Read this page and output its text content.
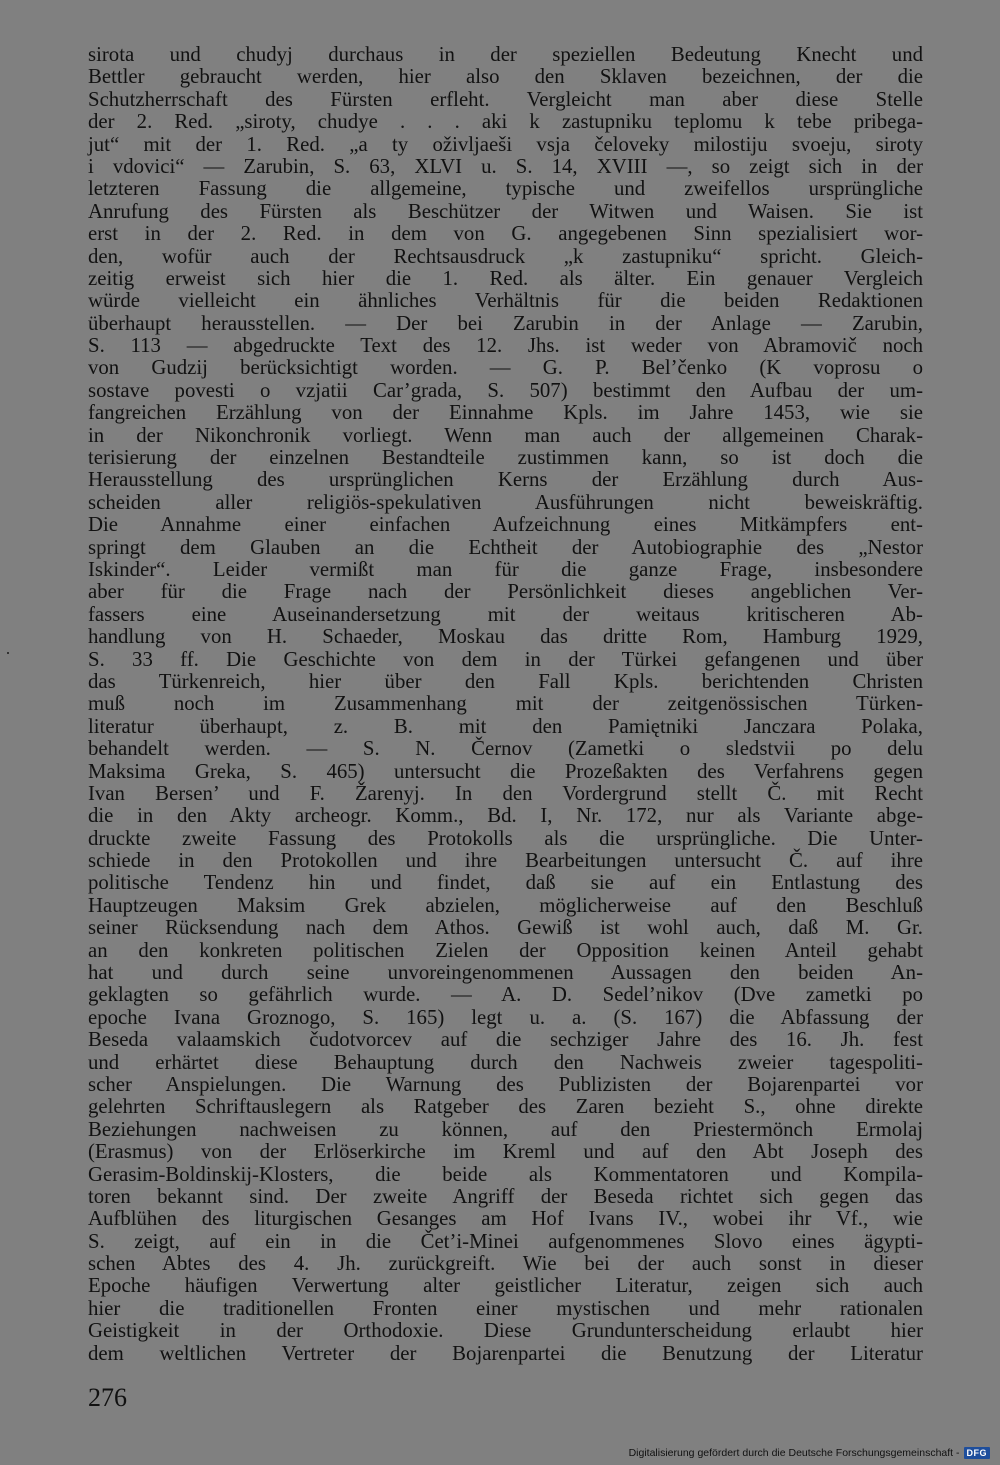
sirota und chudyj durchaus in der speziellen Bedeutung Knecht und
Bettler gebraucht werden, hier also den Sklaven bezeichnen, der die
Schutzherrschaft des Fürsten erfleht. Vergleicht man aber diese Stelle
der 2. Red. „siroty, chudye . . . aki k zastupniku teplomu k tebe pribega-
jut“ mit der 1. Red. „a ty oživljaeši vsja čeloveky milostiju svoeju, siroty
i vdovici“ — Zarubin, S. 63, XLVI u. S. 14, XVIII —, so zeigt sich in der
letzteren Fassung die allgemeine, typische und zweifellos ursprüngliche
Anrufung des Fürsten als Beschützer der Witwen und Waisen. Sie ist
erst in der 2. Red. in dem von G. angegebenen Sinn spezialisiert wor-
den, wofür auch der Rechtsausdruck „k zastupniku“ spricht. Gleich-
zeitig erweist sich hier die 1. Red. als älter. Ein genauer Vergleich
würde vielleicht ein ähnliches Verhältnis für die beiden Redaktionen
überhaupt herausstellen. — Der bei Zarubin in der Anlage — Zarubin,
S. 113 — abgedruckte Text des 12. Jhs. ist weder von Abramovič noch
von Gudzij berücksichtigt worden. — G. P. Bel’čenko (K voprosu o
sostave povesti o vzjatii Car’grada, S. 507) bestimmt den Aufbau der um-
fangreichen Erzählung von der Einnahme Kpls. im Jahre 1453, wie sie
in der Nikonchronik vorliegt. Wenn man auch der allgemeinen Charak-
terisierung der einzelnen Bestandteile zustimmen kann, so ist doch die
Herausstellung des ursprünglichen Kerns der Erzählung durch Aus-
scheiden aller religiös-spekulativen Ausführungen nicht beweiskräftig.
Die Annahme einer einfachen Aufzeichnung eines Mitkämpfers ent-
springt dem Glauben an die Echtheit der Autobiographie des „Nestor
Iskinder“. Leider vermißt man für die ganze Frage, insbesondere
aber für die Frage nach der Persönlichkeit dieses angeblichen Ver-
fassers eine Auseinandersetzung mit der weitaus kritischeren Ab-
handlung von H. Schaeder, Moskau das dritte Rom, Hamburg 1929,
S. 33 ff. Die Geschichte von dem in der Türkei gefangenen und über
das Türkenreich, hier über den Fall Kpls. berichtenden Christen
muß noch im Zusammenhang mit der zeitgenössischen Türken-
literatur überhaupt, z. B. mit den Pamiętniki Janczara Polaka,
behandelt werden. — S. N. Černov (Zametki o sledstvii po delu
Maksima Greka, S. 465) untersucht die Prozeßakten des Verfahrens gegen
Ivan Bersen’ und F. Žarenyj. In den Vordergrund stellt Č. mit Recht
die in den Akty archeogr. Komm., Bd. I, Nr. 172, nur als Variante abge-
druckte zweite Fassung des Protokolls als die ursprüngliche. Die Unter-
schiede in den Protokollen und ihre Bearbeitungen untersucht Č. auf ihre
politische Tendenz hin und findet, daß sie auf ein Entlastung des
Hauptzeugen Maksim Grek abzielen, möglicherweise auf den Beschluß
seiner Rücksendung nach dem Athos. Gewiß ist wohl auch, daß M. Gr.
an den konkreten politischen Zielen der Opposition keinen Anteil gehabt
hat und durch seine unvoreingenommenen Aussagen den beiden An-
geklagten so gefährlich wurde. — A. D. Sedel’nikov (Dve zametki po
epoche Ivana Groznogo, S. 165) legt u. a. (S. 167) die Abfassung der
Beseda valaamskich čudotvorcev auf die sechziger Jahre des 16. Jh. fest
und erhärtet diese Behauptung durch den Nachweis zweier tagespoliti-
scher Anspielungen. Die Warnung des Publizisten der Bojarenpartei vor
gelehrten Schriftauslegern als Ratgeber des Zaren bezieht S., ohne direkte
Beziehungen nachweisen zu können, auf den Priestermönch Ermolaj
(Erasmus) von der Erlöserkirche im Kreml und auf den Abt Joseph des
Gerasim-Boldinskij-Klosters, die beide als Kommentatoren und Kompila-
toren bekannt sind. Der zweite Angriff der Beseda richtet sich gegen das
Aufblühen des liturgischen Gesanges am Hof Ivans IV., wobei ihr Vf., wie
S. zeigt, auf ein in die Čet’i-Minei aufgenommenes Slovo eines ägypti-
schen Abtes des 4. Jh. zurückgreift. Wie bei der auch sonst in dieser
Epoche häufigen Verwertung alter geistlicher Literatur, zeigen sich auch
hier die traditionellen Fronten einer mystischen und mehr rationalen
Geistigkeit in der Orthodoxie. Diese Grundunterscheidung erlaubt hier
dem weltlichen Vertreter der Bojarenpartei die Benutzung der Literatur
276
Digitalisierung gefördert durch die Deutsche Forschungsgemeinschaft - DFG
